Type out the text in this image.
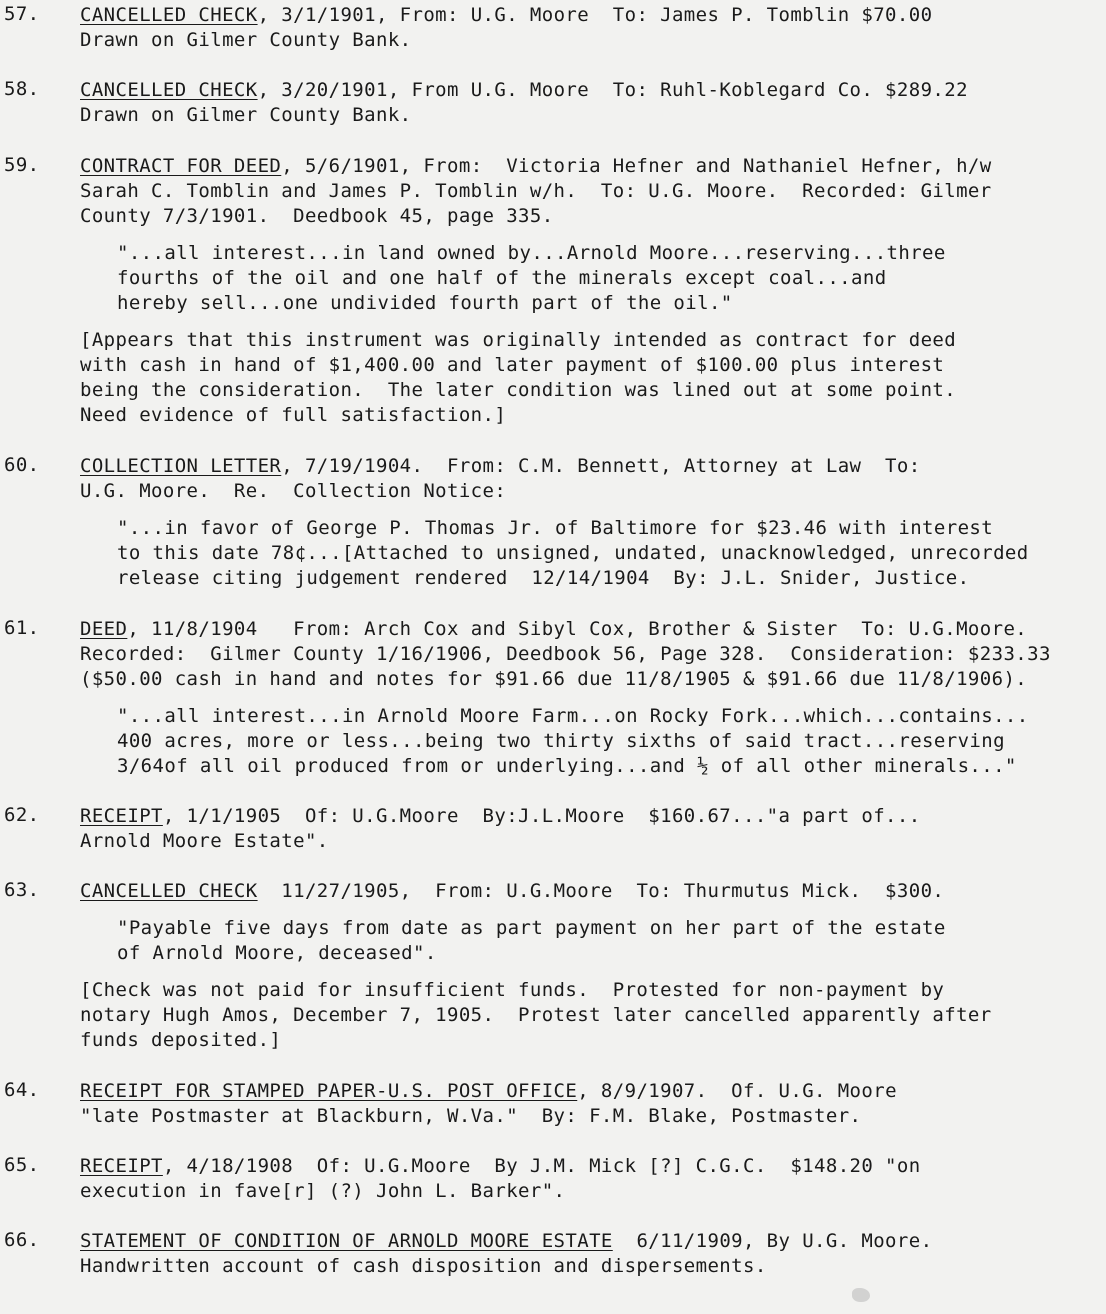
57. CANCELLED CHECK, 3/1/1901, From: U.G. Moore  To: James P. Tomblin $70.00
Drawn on Gilmer County Bank.
58. CANCELLED CHECK, 3/20/1901, From U.G. Moore  To: Ruhl-Koblegard Co. $289.22
Drawn on Gilmer County Bank.
59. CONTRACT FOR DEED, 5/6/1901, From:  Victoria Hefner and Nathaniel Hefner, h/w
Sarah C. Tomblin and James P. Tomblin w/h.  To: U.G. Moore.  Recorded: Gilmer
County 7/3/1901.  Deedbook 45, page 335.
"...all interest...in land owned by...Arnold Moore...reserving...three
fourths of the oil and one half of the minerals except coal...and
hereby sell...one undivided fourth part of the oil."
[Appears that this instrument was originally intended as contract for deed
with cash in hand of $1,400.00 and later payment of $100.00 plus interest
being the consideration.  The later condition was lined out at some point.
Need evidence of full satisfaction.]
60. COLLECTION LETTER, 7/19/1904.  From: C.M. Bennett, Attorney at Law  To:
U.G. Moore.  Re.  Collection Notice:
"...in favor of George P. Thomas Jr. of Baltimore for $23.46 with interest
to this date 78¢...[Attached to unsigned, undated, unacknowledged, unrecorded
release citing judgement rendered  12/14/1904  By: J.L. Snider, Justice.
61. DEED, 11/8/1904   From: Arch Cox and Sibyl Cox, Brother & Sister  To: U.G.Moore.
Recorded:  Gilmer County 1/16/1906, Deedbook 56, Page 328.  Consideration: $233.33
($50.00 cash in hand and notes for $91.66 due 11/8/1905 & $91.66 due 11/8/1906).
"...all interest...in Arnold Moore Farm...on Rocky Fork...which...contains...
400 acres, more or less...being two thirty sixths of said tract...reserving
3/64of all oil produced from or underlying...and ½ of all other minerals..."
62. RECEIPT, 1/1/1905  Of: U.G.Moore  By:J.L.Moore  $160.67..."a part of...
Arnold Moore Estate".
63. CANCELLED CHECK  11/27/1905,  From: U.G.Moore  To: Thurmutus Mick.  $300.
"Payable five days from date as part payment on her part of the estate
of Arnold Moore, deceased".
[Check was not paid for insufficient funds.  Protested for non-payment by
notary Hugh Amos, December 7, 1905.  Protest later cancelled apparently after
funds deposited.]
64. RECEIPT FOR STAMPED PAPER-U.S. POST OFFICE, 8/9/1907.  Of. U.G. Moore
"late Postmaster at Blackburn, W.Va."  By: F.M. Blake, Postmaster.
65. RECEIPT, 4/18/1908  Of: U.G.Moore  By J.M. Mick [?] C.G.C.  $148.20 "on
execution in fave[r] (?) John L. Barker".
66. STATEMENT OF CONDITION OF ARNOLD MOORE ESTATE  6/11/1909, By U.G. Moore.
Handwritten account of cash disposition and dispersements.
